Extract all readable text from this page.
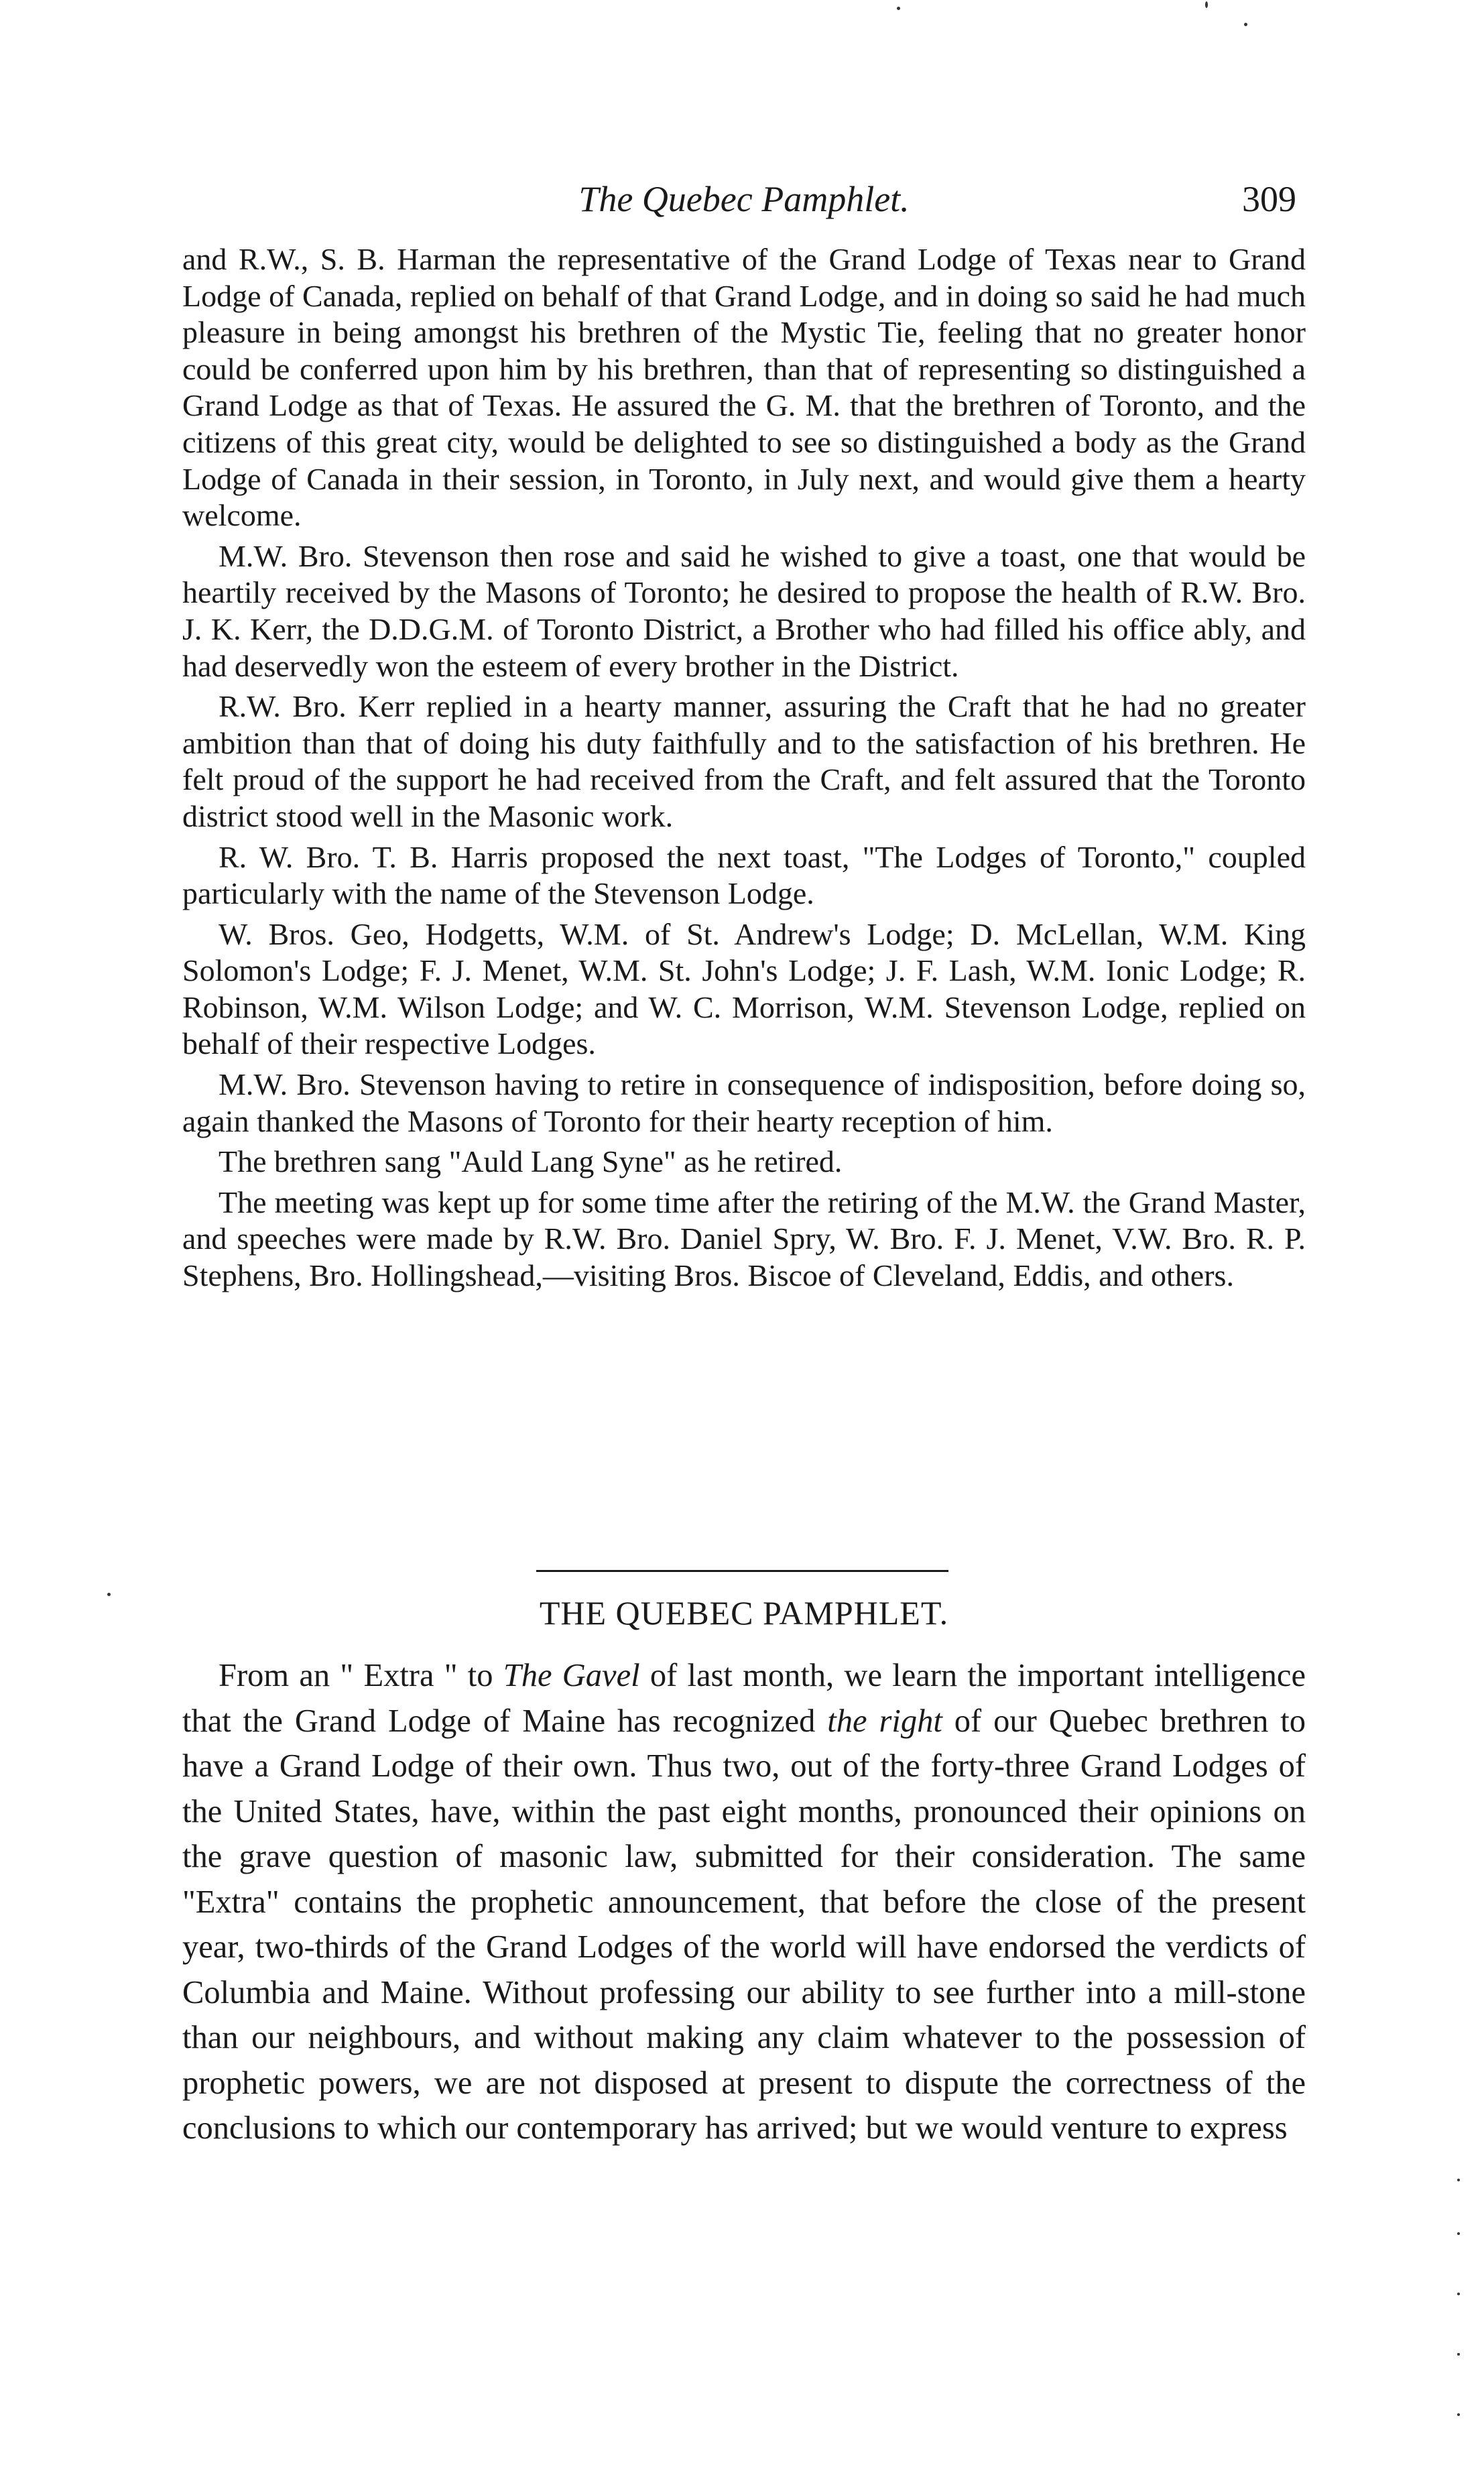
The Quebec Pamphlet.	309

and R.W., S. B. Harman the representative of the Grand Lodge of Texas near to Grand Lodge of Canada, replied on behalf of that Grand Lodge, and in doing so said he had much pleasure in being amongst his brethren of the Mystic Tie, feeling that no greater honor could be conferred upon him by his brethren, than that of representing so distinguished a Grand Lodge as that of Texas. He assured the G. M. that the brethren of Toronto, and the citizens of this great city, would be delighted to see so distinguished a body as the Grand Lodge of Canada in their session, in Toronto, in July next, and would give them a hearty welcome.

M.W. Bro. Stevenson then rose and said he wished to give a toast, one that would be heartily received by the Masons of Toronto; he desired to propose the health of R.W. Bro. J. K. Kerr, the D.D.G.M. of Toronto District, a Brother who had filled his office ably, and had deservedly won the esteem of every brother in the District.

R.W. Bro. Kerr replied in a hearty manner, assuring the Craft that he had no greater ambition than that of doing his duty faithfully and to the satisfaction of his brethren. He felt proud of the support he had received from the Craft, and felt assured that the Toronto district stood well in the Masonic work.

R. W. Bro. T. B. Harris proposed the next toast, "The Lodges of Toronto," coupled particularly with the name of the Stevenson Lodge.

W. Bros. Geo, Hodgetts, W.M. of St. Andrew's Lodge; D. McLellan, W.M. King Solomon's Lodge; F. J. Menet, W.M. St. John's Lodge; J. F. Lash, W.M. Ionic Lodge; R. Robinson, W.M. Wilson Lodge; and W. C. Morrison, W.M. Stevenson Lodge, replied on behalf of their respective Lodges.

M.W. Bro. Stevenson having to retire in consequence of indisposition, before doing so, again thanked the Masons of Toronto for their hearty reception of him.

The brethren sang "Auld Lang Syne" as he retired.

The meeting was kept up for some time after the retiring of the M.W. the Grand Master, and speeches were made by R.W. Bro. Daniel Spry, W. Bro. F. J. Menet, V.W. Bro. R. P. Stephens, Bro. Hollingshead,—visiting Bros. Biscoe of Cleveland, Eddis, and others.

THE QUEBEC PAMPHLET.

From an " Extra " to The Gavel of last month, we learn the important intelligence that the Grand Lodge of Maine has recognized the right of our Quebec brethren to have a Grand Lodge of their own. Thus two, out of the forty-three Grand Lodges of the United States, have, within the past eight months, pronounced their opinions on the grave question of masonic law, submitted for their consideration. The same "Extra" contains the prophetic announcement, that before the close of the present year, two-thirds of the Grand Lodges of the world will have endorsed the verdicts of Columbia and Maine. Without professing our ability to see further into a mill-stone than our neighbours, and without making any claim whatever to the possession of prophetic powers, we are not disposed at present to dispute the correctness of the conclusions to which our contemporary has arrived; but we would venture to express
